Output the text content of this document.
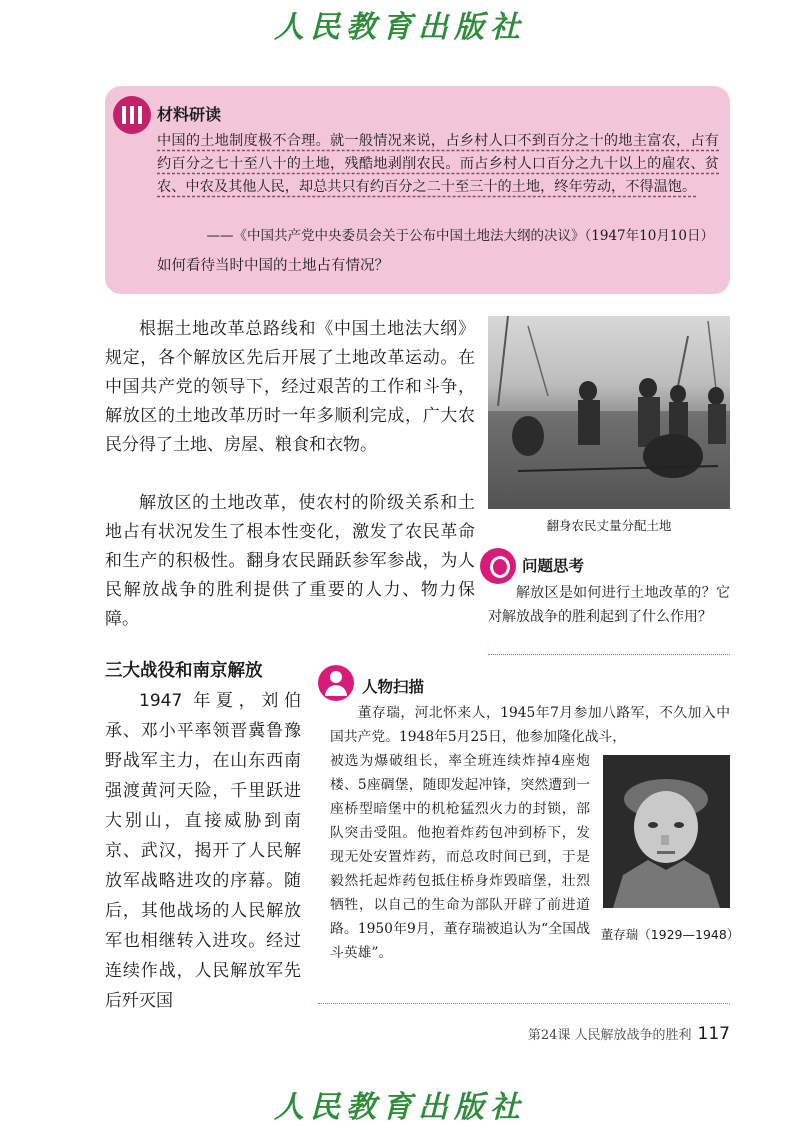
人民教育出版社
材料研读
中国的土地制度极不合理。就一般情况来说，占乡村人口不到百分之十的地主富农，占有约百分之七十至八十的土地，残酷地剥削农民。而占乡村人口百分之九十以上的雇农、贫农、中农及其他人民，却总共只有约百分之二十至三十的土地，终年劳动，不得温饱。
——《中国共产党中央委员会关于公布中国土地法大纲的决议》（1947年10月10日）
如何看待当时中国的土地占有情况？
根据土地改革总路线和《中国土地法大纲》规定，各个解放区先后开展了土地改革运动。在中国共产党的领导下，经过艰苦的工作和斗争，解放区的土地改革历时一年多顺利完成，广大农民分得了土地、房屋、粮食和衣物。
解放区的土地改革，使农村的阶级关系和土地占有状况发生了根本性变化，激发了农民革命和生产的积极性。翻身农民踊跃参军参战，为人民解放战争的胜利提供了重要的人力、物力保障。
翻身农民丈量分配土地
问题思考
解放区是如何进行土地改革的？它对解放战争的胜利起到了什么作用？
三大战役和南京解放
1947 年夏，刘伯承、邓小平率领晋冀鲁豫野战军主力，在山东西南强渡黄河天险，千里跃进大别山，直接威胁到南京、武汉，揭开了人民解放军战略进攻的序幕。随后，其他战场的人民解放军也相继转入进攻。经过连续作战，人民解放军先后歼灭国
人物扫描
董存瑞，河北怀来人，1945年7月参加八路军，不久加入中国共产党。1948年5月25日，他参加隆化战斗，
被选为爆破组长，率全班连续炸掉4座炮楼、5座碉堡，随即发起冲锋，突然遭到一座桥型暗堡中的机枪猛烈火力的封锁，部队突击受阻。他抱着炸药包冲到桥下，发现无处安置炸药，而总攻时间已到，于是毅然托起炸药包抵住桥身炸毁暗堡，壮烈牺牲，以自己的生命为部队开辟了前进道路。1950年9月，董存瑞被追认为“全国战斗英雄”。
董存瑞（1929—1948）
第24课 人民解放战争的胜利 117
人民教育出版社
